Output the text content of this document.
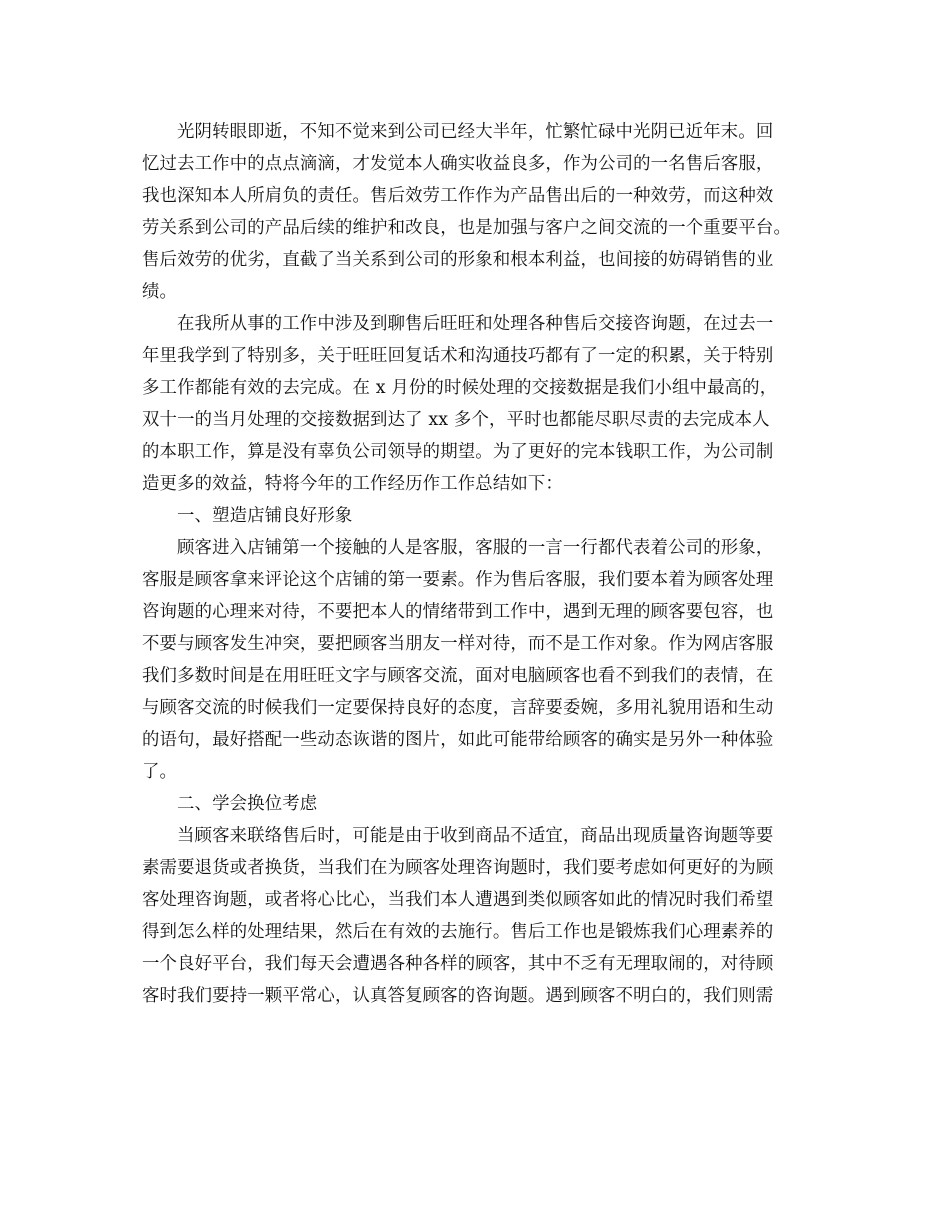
光阴转眼即逝，不知不觉来到公司已经大半年，忙繁忙碌中光阴已近年末。回
忆过去工作中的点点滴滴，才发觉本人确实收益良多，作为公司的一名售后客服，
我也深知本人所肩负的责任。售后效劳工作作为产品售出后的一种效劳，而这种效
劳关系到公司的产品后续的维护和改良，也是加强与客户之间交流的一个重要平台。
售后效劳的优劣，直截了当关系到公司的形象和根本利益，也间接的妨碍销售的业
绩。
在我所从事的工作中涉及到聊售后旺旺和处理各种售后交接咨询题，在过去一
年里我学到了特别多，关于旺旺回复话术和沟通技巧都有了一定的积累，关于特别
多工作都能有效的去完成。在 x 月份的时候处理的交接数据是我们小组中最高的，
双十一的当月处理的交接数据到达了 xx 多个，平时也都能尽职尽责的去完成本人
的本职工作，算是没有辜负公司领导的期望。为了更好的完本钱职工作，为公司制
造更多的效益，特将今年的工作经历作工作总结如下：
一、塑造店铺良好形象
顾客进入店铺第一个接触的人是客服，客服的一言一行都代表着公司的形象，
客服是顾客拿来评论这个店铺的第一要素。作为售后客服，我们要本着为顾客处理
咨询题的心理来对待，不要把本人的情绪带到工作中，遇到无理的顾客要包容，也
不要与顾客发生冲突，要把顾客当朋友一样对待，而不是工作对象。作为网店客服
我们多数时间是在用旺旺文字与顾客交流，面对电脑顾客也看不到我们的表情，在
与顾客交流的时候我们一定要保持良好的态度，言辞要委婉，多用礼貌用语和生动
的语句，最好搭配一些动态诙谐的图片，如此可能带给顾客的确实是另外一种体验
了。
二、学会换位考虑
当顾客来联络售后时，可能是由于收到商品不适宜，商品出现质量咨询题等要
素需要退货或者换货，当我们在为顾客处理咨询题时，我们要考虑如何更好的为顾
客处理咨询题，或者将心比心，当我们本人遭遇到类似顾客如此的情况时我们希望
得到怎么样的处理结果，然后在有效的去施行。售后工作也是锻炼我们心理素养的
一个良好平台，我们每天会遭遇各种各样的顾客，其中不乏有无理取闹的，对待顾
客时我们要持一颗平常心，认真答复顾客的咨询题。遇到顾客不明白的，我们则需
